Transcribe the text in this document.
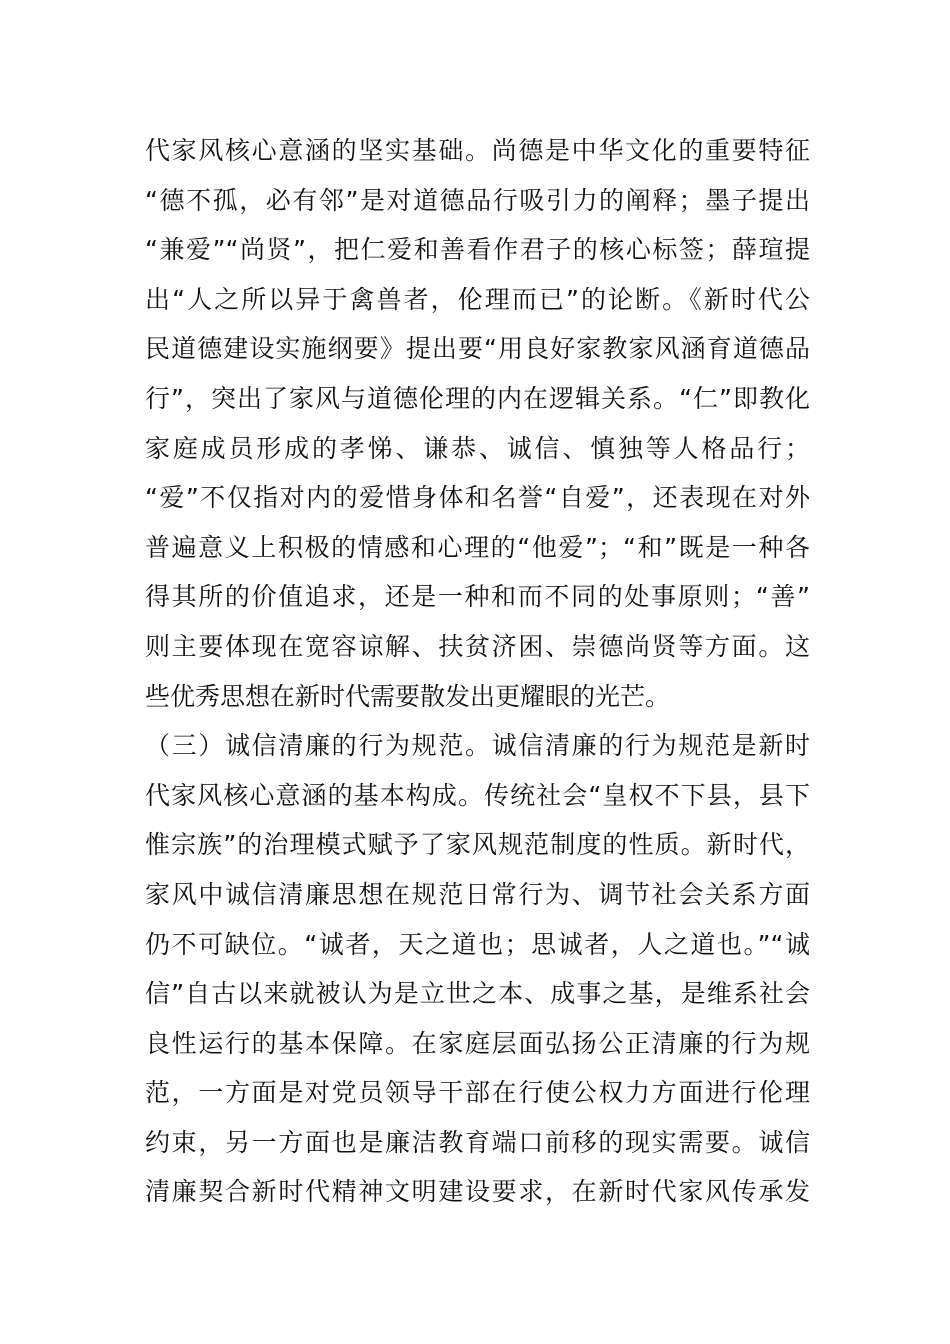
代家风核心意涵的坚实基础。尚德是中华文化的重要特征
“德不孤，必有邻”是对道德品行吸引力的阐释；墨子提出
“兼爱”“尚贤”，把仁爱和善看作君子的核心标签；薛瑄提
出“人之所以异于禽兽者，伦理而已”的论断。《新时代公
民道德建设实施纲要》提出要“用良好家教家风涵育道德品
行”，突出了家风与道德伦理的内在逻辑关系。“仁”即教化
家庭成员形成的孝悌、谦恭、诚信、慎独等人格品行；
“爱”不仅指对内的爱惜身体和名誉“自爱”，还表现在对外
普遍意义上积极的情感和心理的“他爱”；“和”既是一种各
得其所的价值追求，还是一种和而不同的处事原则；“善”
则主要体现在宽容谅解、扶贫济困、崇德尚贤等方面。这
些优秀思想在新时代需要散发出更耀眼的光芒。
（三）诚信清廉的行为规范。诚信清廉的行为规范是新时
代家风核心意涵的基本构成。传统社会“皇权不下县，县下
惟宗族”的治理模式赋予了家风规范制度的性质。新时代，
家风中诚信清廉思想在规范日常行为、调节社会关系方面
仍不可缺位。“诚者，天之道也；思诚者，人之道也。”“诚
信”自古以来就被认为是立世之本、成事之基，是维系社会
良性运行的基本保障。在家庭层面弘扬公正清廉的行为规
范，一方面是对党员领导干部在行使公权力方面进行伦理
约束，另一方面也是廉洁教育端口前移的现实需要。诚信
清廉契合新时代精神文明建设要求，在新时代家风传承发
